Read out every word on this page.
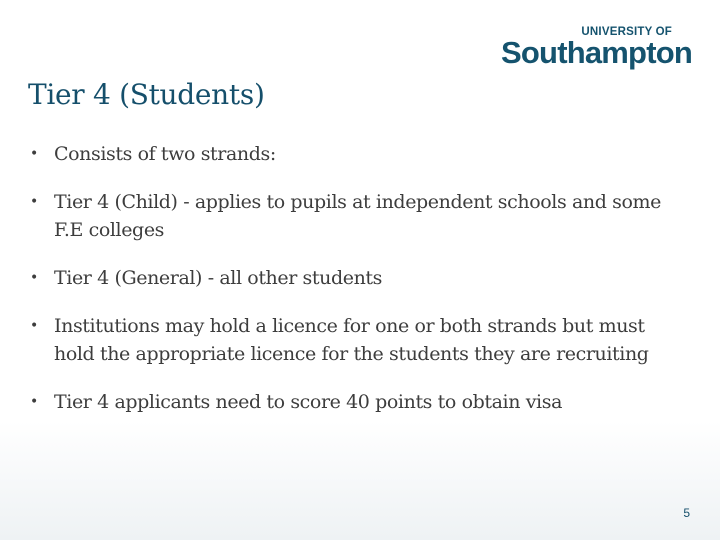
UNIVERSITY OF
Southampton
Tier 4 (Students)
• Consists of two strands:
• Tier 4 (Child) - applies to pupils at independent schools and some F.E colleges
• Tier 4 (General) - all other students
• Institutions may hold a licence for one or both strands but must hold the appropriate licence for the students they are recruiting
• Tier 4 applicants need to score 40 points to obtain visa
5
